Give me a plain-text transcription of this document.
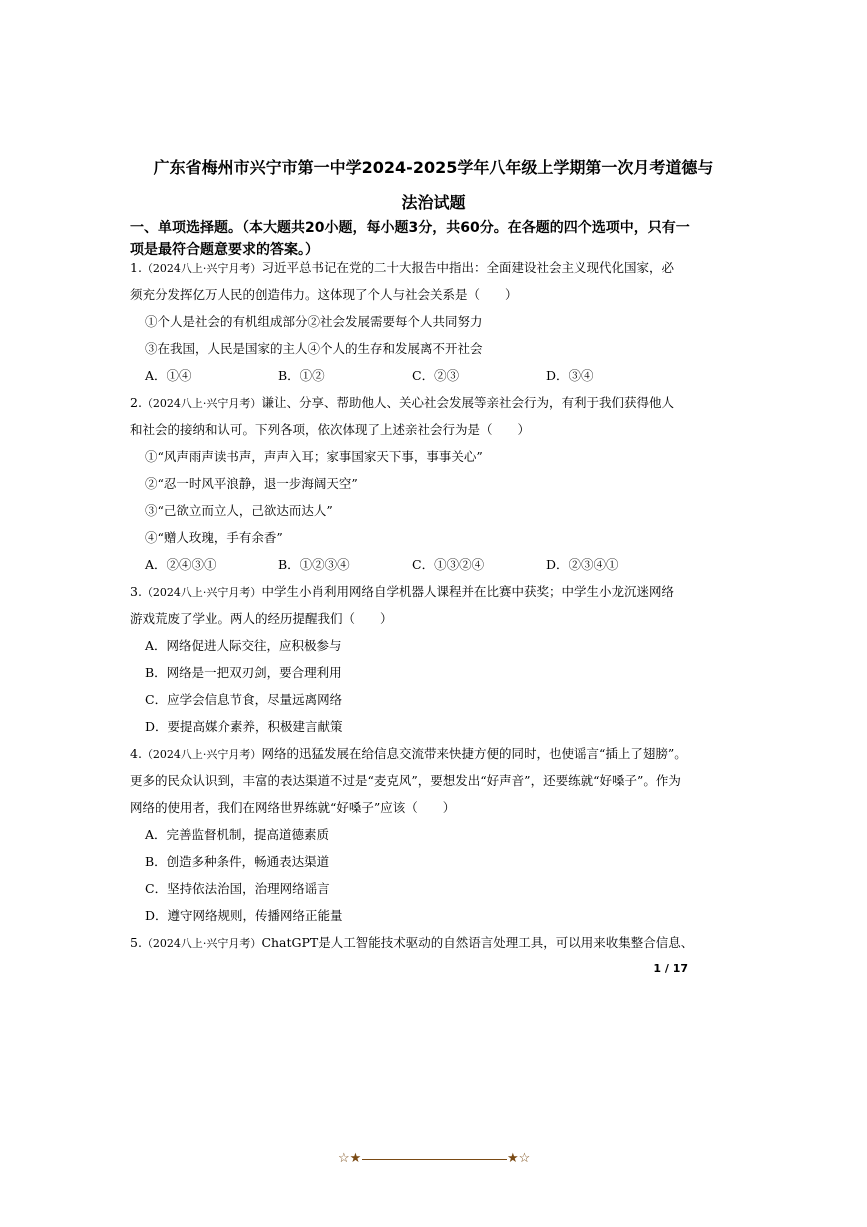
广东省梅州市兴宁市第一中学2024-2025学年八年级上学期第一次月考道德与
法治试题
一、单项选择题。（本大题共20小题，每小题3分，共60分。在各题的四个选项中，只有一项是最符合题意要求的答案。）
1.（2024八上·兴宁月考）习近平总书记在党的二十大报告中指出：全面建设社会主义现代化国家，必
须充分发挥亿万人民的创造伟力。这体现了个人与社会关系是（　　）
①个人是社会的有机组成部分②社会发展需要每个人共同努力
③在我国，人民是国家的主人④个人的生存和发展离不开社会
A．①④	B．①②	C．②③	D．③④
2.（2024八上·兴宁月考）谦让、分享、帮助他人、关心社会发展等亲社会行为，有利于我们获得他人
和社会的接纳和认可。下列各项，依次体现了上述亲社会行为是（　　）
①“风声雨声读书声，声声入耳；家事国家天下事，事事关心”
②“忍一时风平浪静，退一步海阔天空”
③“己欲立而立人，己欲达而达人”
④“赠人玫瑰，手有余香”
A．②④③①	B．①②③④	C．①③②④	D．②③④①
3.（2024八上·兴宁月考）中学生小肖利用网络自学机器人课程并在比赛中获奖；中学生小龙沉迷网络
游戏荒废了学业。两人的经历提醒我们（　　）
A．网络促进人际交往，应积极参与
B．网络是一把双刃剑，要合理利用
C．应学会信息节食，尽量远离网络
D．要提高媒介素养，积极建言献策
4.（2024八上·兴宁月考）网络的迅猛发展在给信息交流带来快捷方便的同时，也使谣言“插上了翅膀”。
更多的民众认识到，丰富的表达渠道不过是“麦克风”，要想发出“好声音”，还要练就“好嗓子”。作为
网络的使用者，我们在网络世界练就“好嗓子”应该（　　）
A．完善监督机制，提高道德素质
B．创造多种条件，畅通表达渠道
C．坚持依法治国，治理网络谣言
D．遵守网络规则，传播网络正能量
5.（2024八上·兴宁月考）ChatGPT是人工智能技术驱动的自然语言处理工具，可以用来收集整合信息、
1 / 17
☆★	★☆
